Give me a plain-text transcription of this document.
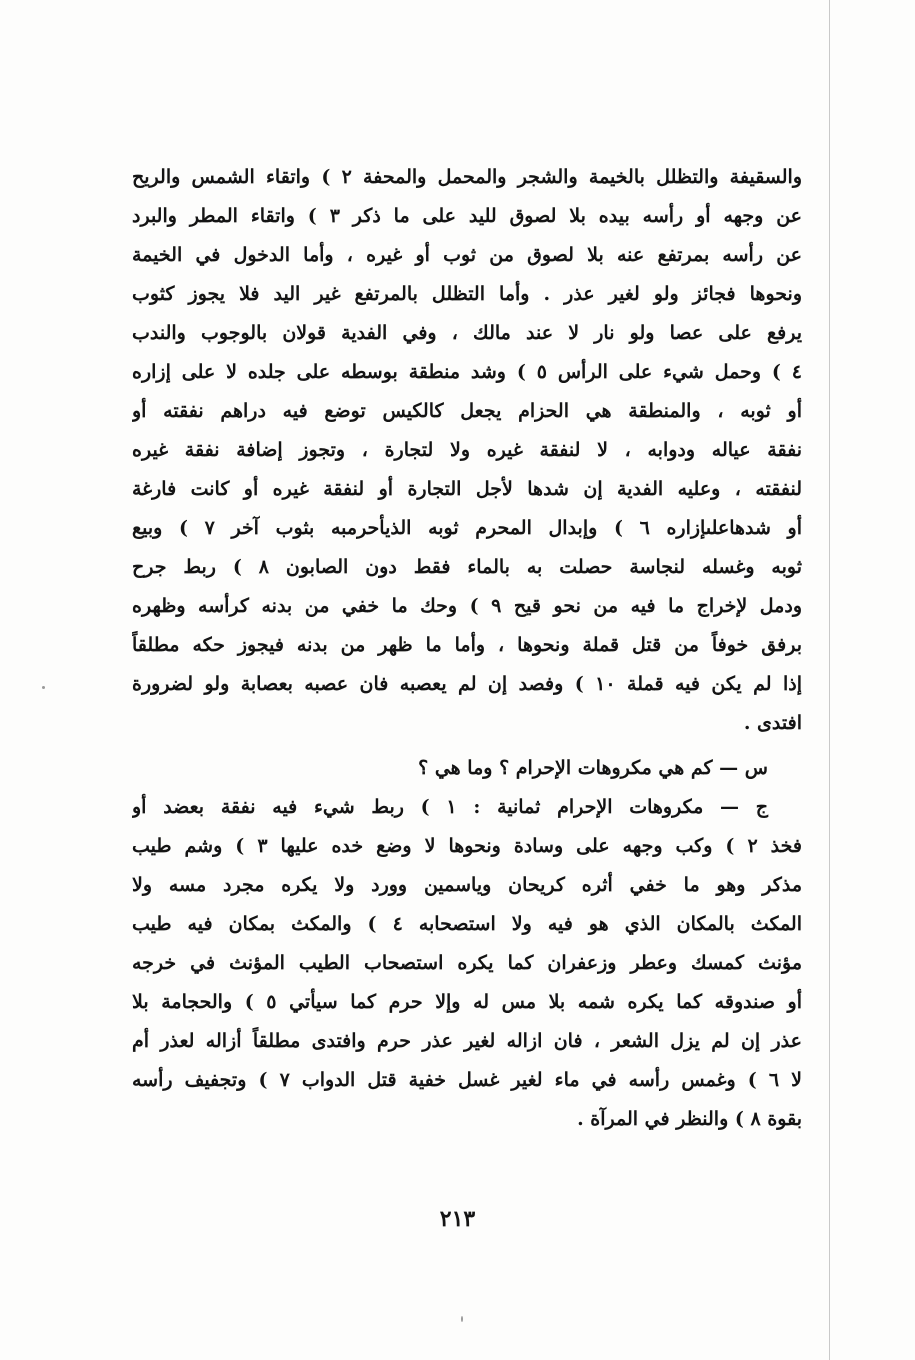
والسقيفة والتظلل بالخيمة والشجر والمحمل والمحفة ٢ ) واتقاء الشمس والريح
عن وجهه أو رأسه بيده بلا لصوق لليد على ما ذكر ٣ ) واتقاء المطر والبرد
عن رأسه بمرتفع عنه بلا لصوق من ثوب أو غيره ، وأما الدخول في الخيمة
ونحوها فجائز ولو لغير عذر . وأما التظلل بالمرتفع غير اليد فلا يجوز كثوب
يرفع على عصا ولو نار لا عند مالك ، وفي الفدية قولان بالوجوب والندب
٤ ) وحمل شيء على الرأس ٥ ) وشد منطقة بوسطه على جلده لا على إزاره
أو ثوبه ، والمنطقة هي الحزام يجعل كالكيس توضع فيه دراهم نفقته أو
نفقة عياله ودوابه ، لا لنفقة غيره ولا لتجارة ، وتجوز إضافة نفقة غيره
لنفقته ، وعليه الفدية إن شدها لأجل التجارة أو لنفقة غيره أو كانت فارغة
أو شدهاعلىإزاره ٦ ) وإبدال المحرم ثوبه الذيأحرمبه بثوب آخر ٧ ) وبيع
ثوبه وغسله لنجاسة حصلت به بالماء فقط دون الصابون ٨ ) ربط جرح
ودمل لإخراج ما فيه من نحو قيح ٩ ) وحك ما خفي من بدنه كرأسه وظهره
برفق خوفاً من قتل قملة ونحوها ، وأما ما ظهر من بدنه فيجوز حكه مطلقاً
إذا لم يكن فيه قملة ١٠ ) وفصد إن لم يعصبه فان عصبه بعصابة ولو لضرورة
افتدى .
س — كم هي مكروهات الإحرام ؟ وما هي ؟
ج — مكروهات الإحرام ثمانية : ١ ) ربط شيء فيه نفقة بعضد أو
فخذ ٢ ) وكب وجهه على وسادة ونحوها لا وضع خده عليها ٣ ) وشم طيب
مذكر وهو ما خفي أثره كريحان وياسمين وورد ولا يكره مجرد مسه ولا
المكث بالمكان الذي هو فيه ولا استصحابه ٤ ) والمكث بمكان فيه طيب
مؤنث كمسك وعطر وزعفران كما يكره استصحاب الطيب المؤنث في خرجه
أو صندوقه كما يكره شمه بلا مس له وإلا حرم كما سيأتي ٥ ) والحجامة بلا
عذر إن لم يزل الشعر ، فان ازاله لغير عذر حرم وافتدى مطلقاً أزاله لعذر أم
لا ٦ ) وغمس رأسه في ماء لغير غسل خفية قتل الدواب ٧ ) وتجفيف رأسه
بقوة ٨ ) والنظر في المرآة .
٢١٣
